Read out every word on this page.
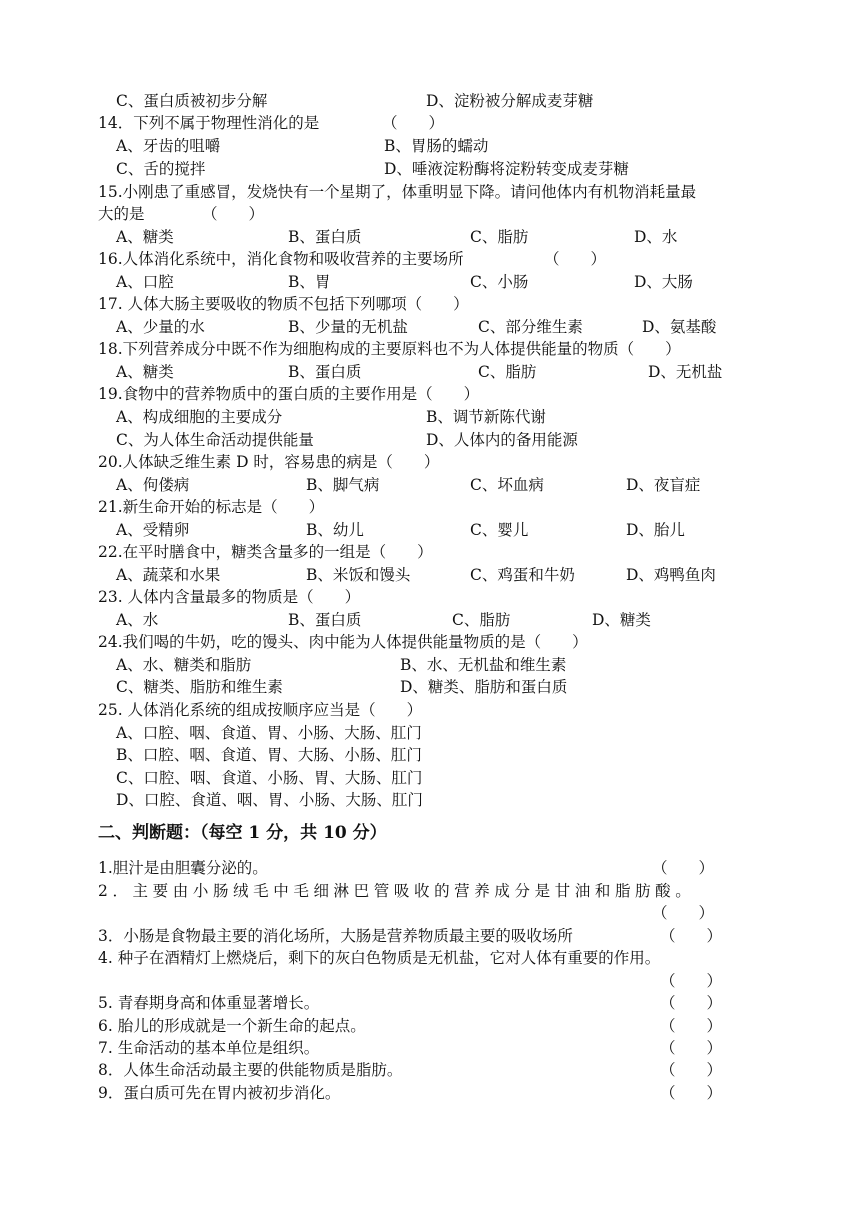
C、蛋白质被初步分解	D、淀粉被分解成麦芽糖
14．下列不属于物理性消化的是	（　　）
A、牙齿的咀嚼	B、胃肠的蠕动
C、舌的搅拌	D、唾液淀粉酶将淀粉转变成麦芽糖
15.小刚患了重感冒，发烧快有一个星期了，体重明显下降。请问他体内有机物消耗量最
大的是	（　　）
A、糖类	B、蛋白质	C、脂肪	D、水
16.人体消化系统中，消化食物和吸收营养的主要场所	（　　）
A、口腔	B、胃	C、小肠	D、大肠
17. 人体大肠主要吸收的物质不包括下列哪项（　　）
A、少量的水	B、少量的无机盐	C、部分维生素	D、氨基酸
18.下列营养成分中既不作为细胞构成的主要原料也不为人体提供能量的物质（　　）
A、糖类	B、蛋白质	C、脂肪	D、无机盐
19.食物中的营养物质中的蛋白质的主要作用是（　　）
A、构成细胞的主要成分	B、调节新陈代谢
C、为人体生命活动提供能量	D、人体内的备用能源
20.人体缺乏维生素 D 时，容易患的病是（　　）
A、佝偻病	B、脚气病	C、坏血病	D、夜盲症
21.新生命开始的标志是（　　）
A、受精卵	B、幼儿	C、婴儿	D、胎儿
22.在平时膳食中，糖类含量多的一组是（　　）
A、蔬菜和水果	B、米饭和馒头	C、鸡蛋和牛奶	D、鸡鸭鱼肉
23. 人体内含量最多的物质是（　　）
A、水	B、蛋白质	C、脂肪	D、糖类
24.我们喝的牛奶，吃的馒头、肉中能为人体提供能量物质的是（　　）
A、水、糖类和脂肪	B、水、无机盐和维生素
C、糖类、脂肪和维生素	D、糖类、脂肪和蛋白质
25. 人体消化系统的组成按顺序应当是（　　）
A、口腔、咽、食道、胃、小肠、大肠、肛门
B、口腔、咽、食道、胃、大肠、小肠、肛门
C、口腔、咽、食道、小肠、胃、大肠、肛门
D、口腔、食道、咽、胃、小肠、大肠、肛门
二、判断题：（每空 1 分，共 10 分）
1.胆汁是由胆囊分泌的。	（　　）
2．主要由小肠绒毛中毛细淋巴管吸收的营养成分是甘油和脂肪酸。
（　　）
3．小肠是食物最主要的消化场所，大肠是营养物质最主要的吸收场所	（　　）
4. 种子在酒精灯上燃烧后，剩下的灰白色物质是无机盐，它对人体有重要的作用。
（　　）
5. 青春期身高和体重显著增长。	（　　）
6. 胎儿的形成就是一个新生命的起点。	（　　）
7. 生命活动的基本单位是组织。	（　　）
8．人体生命活动最主要的供能物质是脂肪。	（　　）
9．蛋白质可先在胃内被初步消化。	（　　）
